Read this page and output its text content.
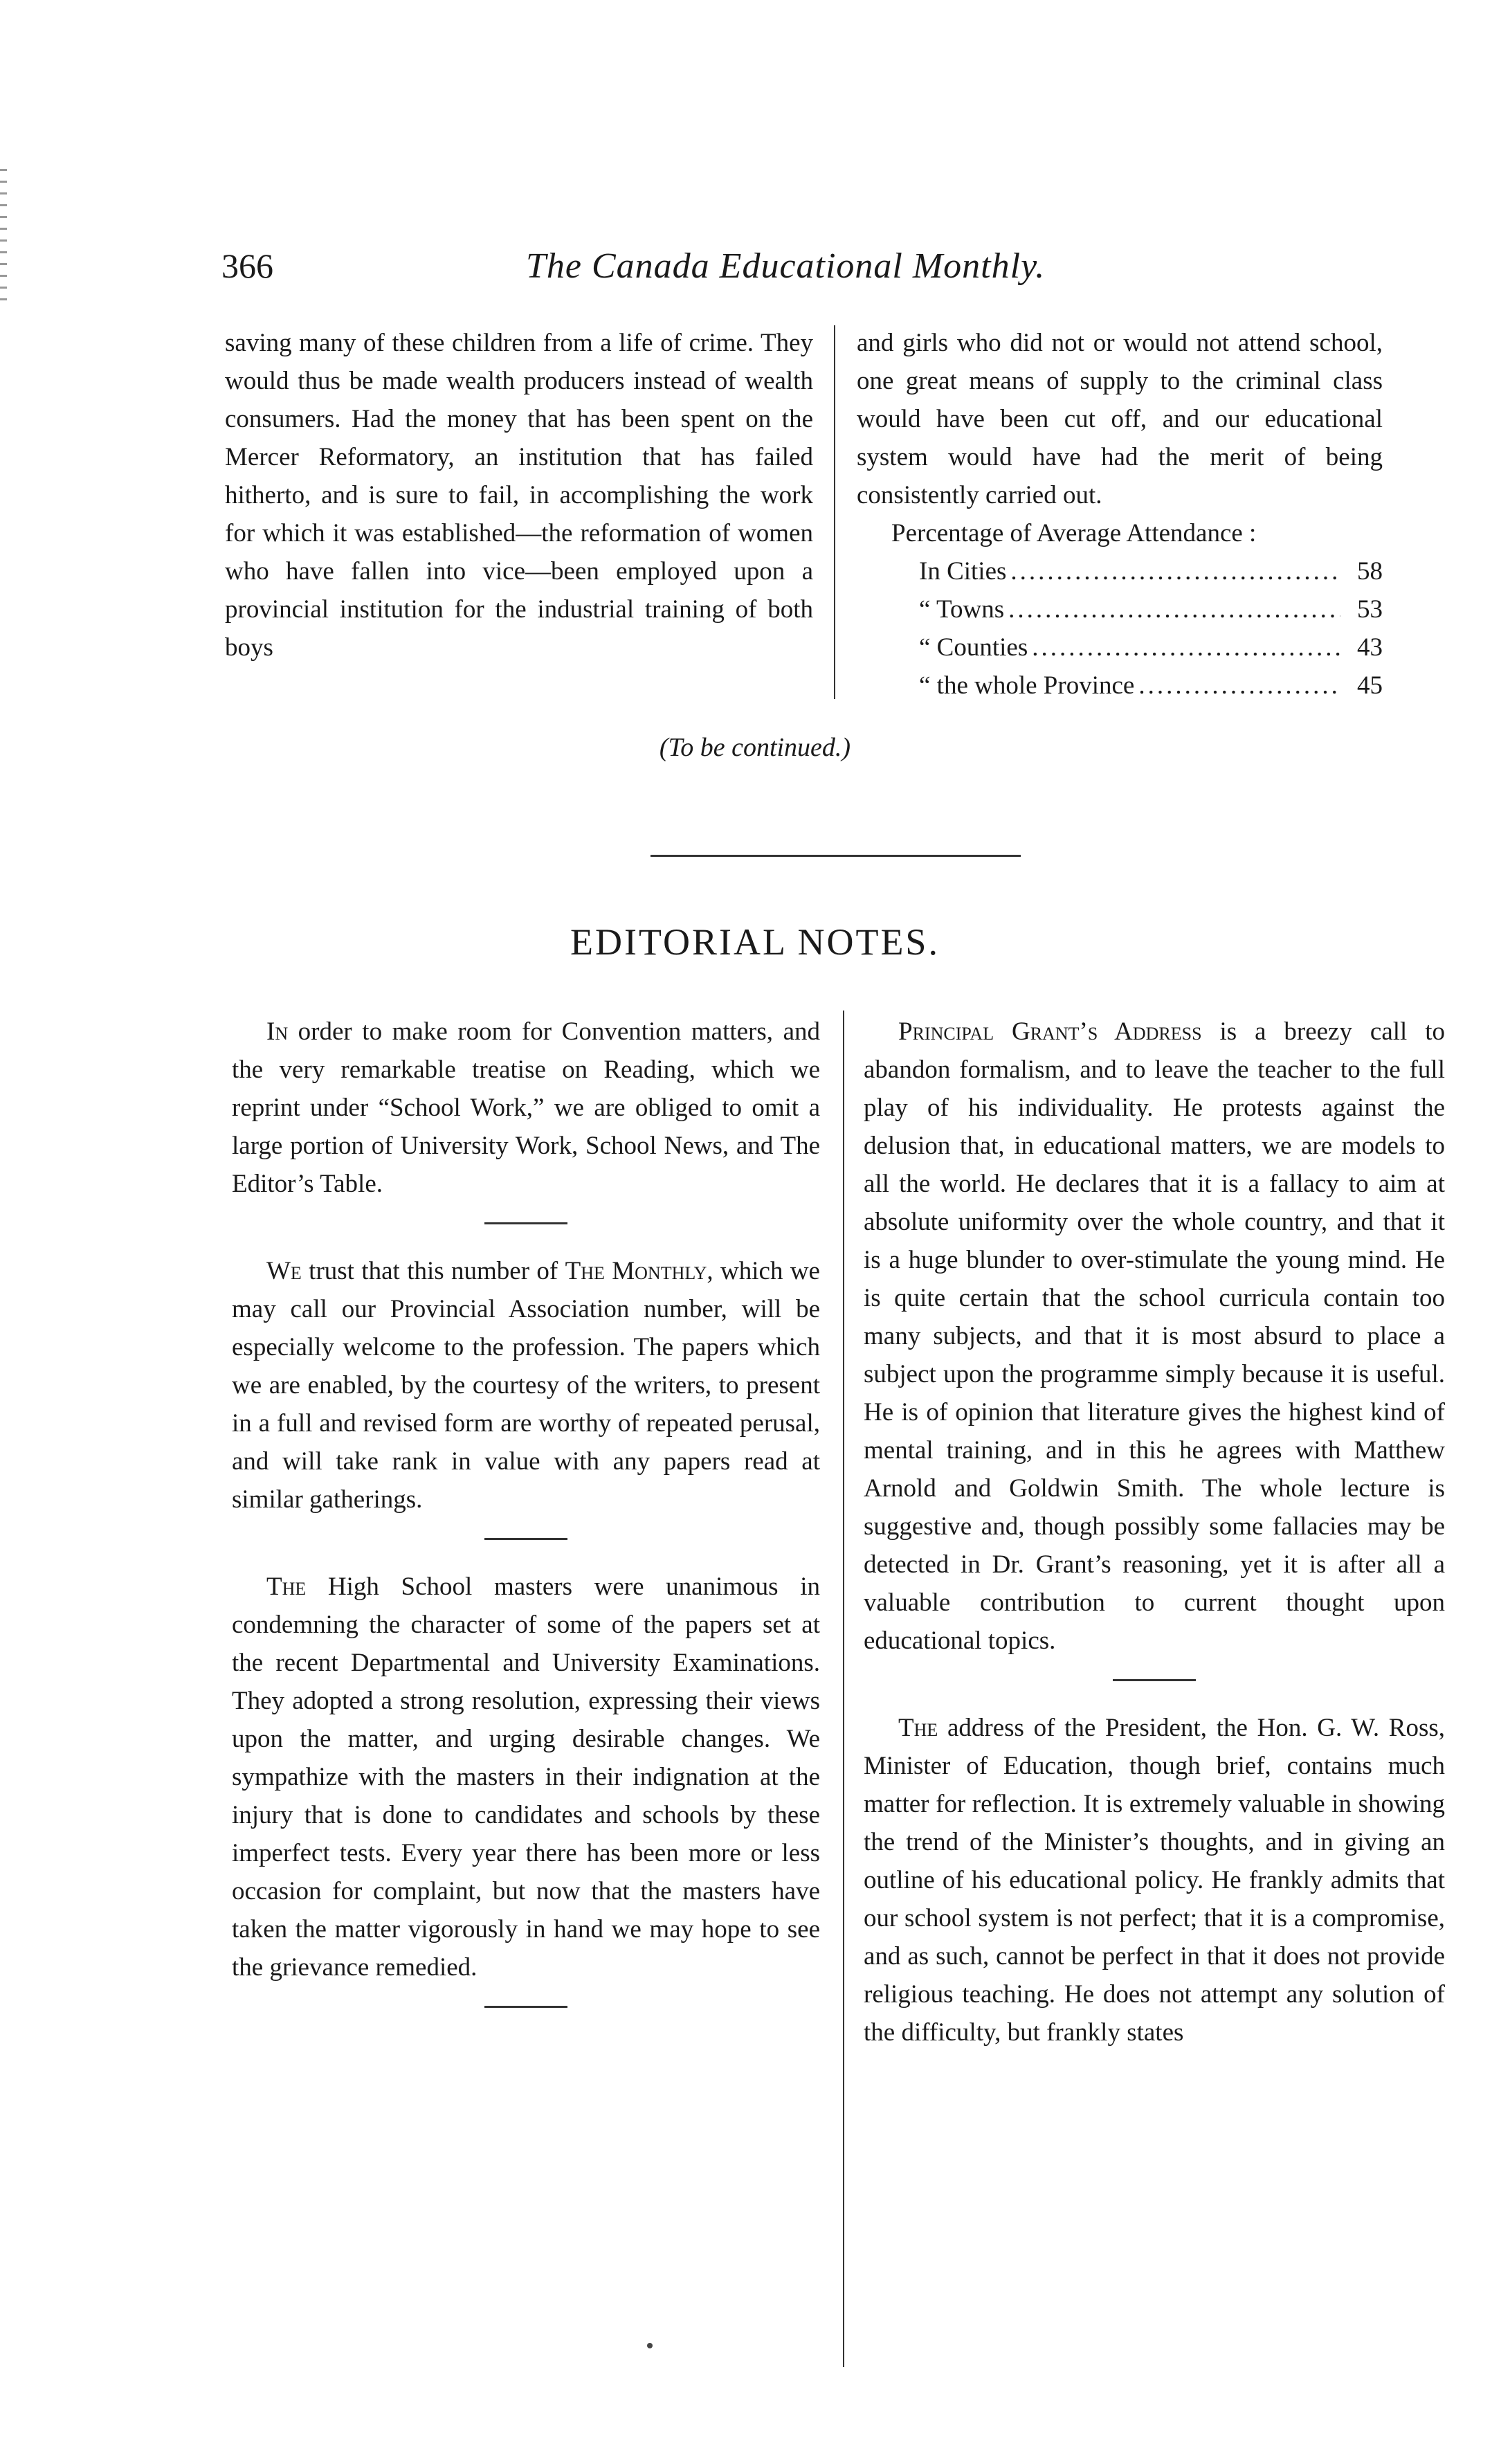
366	The Canada Educational Monthly.

saving many of these children from a life of crime. They would thus be made wealth producers instead of wealth consumers. Had the money that has been spent on the Mercer Reformatory, an institution that has failed hitherto, and is sure to fail, in accomplishing the work for which it was established—the reformation of women who have fallen into vice—been employed upon a provincial institution for the industrial training of both boys

and girls who did not or would not attend school, one great means of supply to the criminal class would have been cut off, and our educational system would have had the merit of being consistently carried out.

Percentage of Average Attendance :
In Cities .....	58
“ Towns .....	53
“ Counties .....	43
“ the whole Province .....	45
(To be continued.)
EDITORIAL NOTES.

In order to make room for Convention matters, and the very remarkable treatise on Reading, which we reprint under “School Work,” we are obliged to omit a large portion of University Work, School News, and The Editor’s Table.

We trust that this number of The Monthly, which we may call our Provincial Association number, will be especially welcome to the profession. The papers which we are enabled, by the courtesy of the writers, to present in a full and revised form are worthy of repeated perusal, and will take rank in value with any papers read at similar gatherings.

The High School masters were unanimous in condemning the character of some of the papers set at the recent Departmental and University Examinations. They adopted a strong resolution, expressing their views upon the matter, and urging desirable changes. We sympathize with the masters in their indignation at the injury that is done to candidates and schools by these imperfect tests. Every year there has been more or less occasion for complaint, but now that the masters have taken the matter vigorously in hand we may hope to see the grievance remedied.

Principal Grant’s Address is a breezy call to abandon formalism, and to leave the teacher to the full play of his individuality. He protests against the delusion that, in educational matters, we are models to all the world. He declares that it is a fallacy to aim at absolute uniformity over the whole country, and that it is a huge blunder to over-stimulate the young mind. He is quite certain that the school curricula contain too many subjects, and that it is most absurd to place a subject upon the programme simply because it is useful. He is of opinion that literature gives the highest kind of mental training, and in this he agrees with Matthew Arnold and Goldwin Smith. The whole lecture is suggestive and, though possibly some fallacies may be detected in Dr. Grant’s reasoning, yet it is after all a valuable contribution to current thought upon educational topics.

The address of the President, the Hon. G. W. Ross, Minister of Education, though brief, contains much matter for reflection. It is extremely valuable in showing the trend of the Minister’s thoughts, and in giving an outline of his educational policy. He frankly admits that our school system is not perfect; that it is a compromise, and as such, cannot be perfect in that it does not provide religious teaching. He does not attempt any solution of the difficulty, but frankly states
